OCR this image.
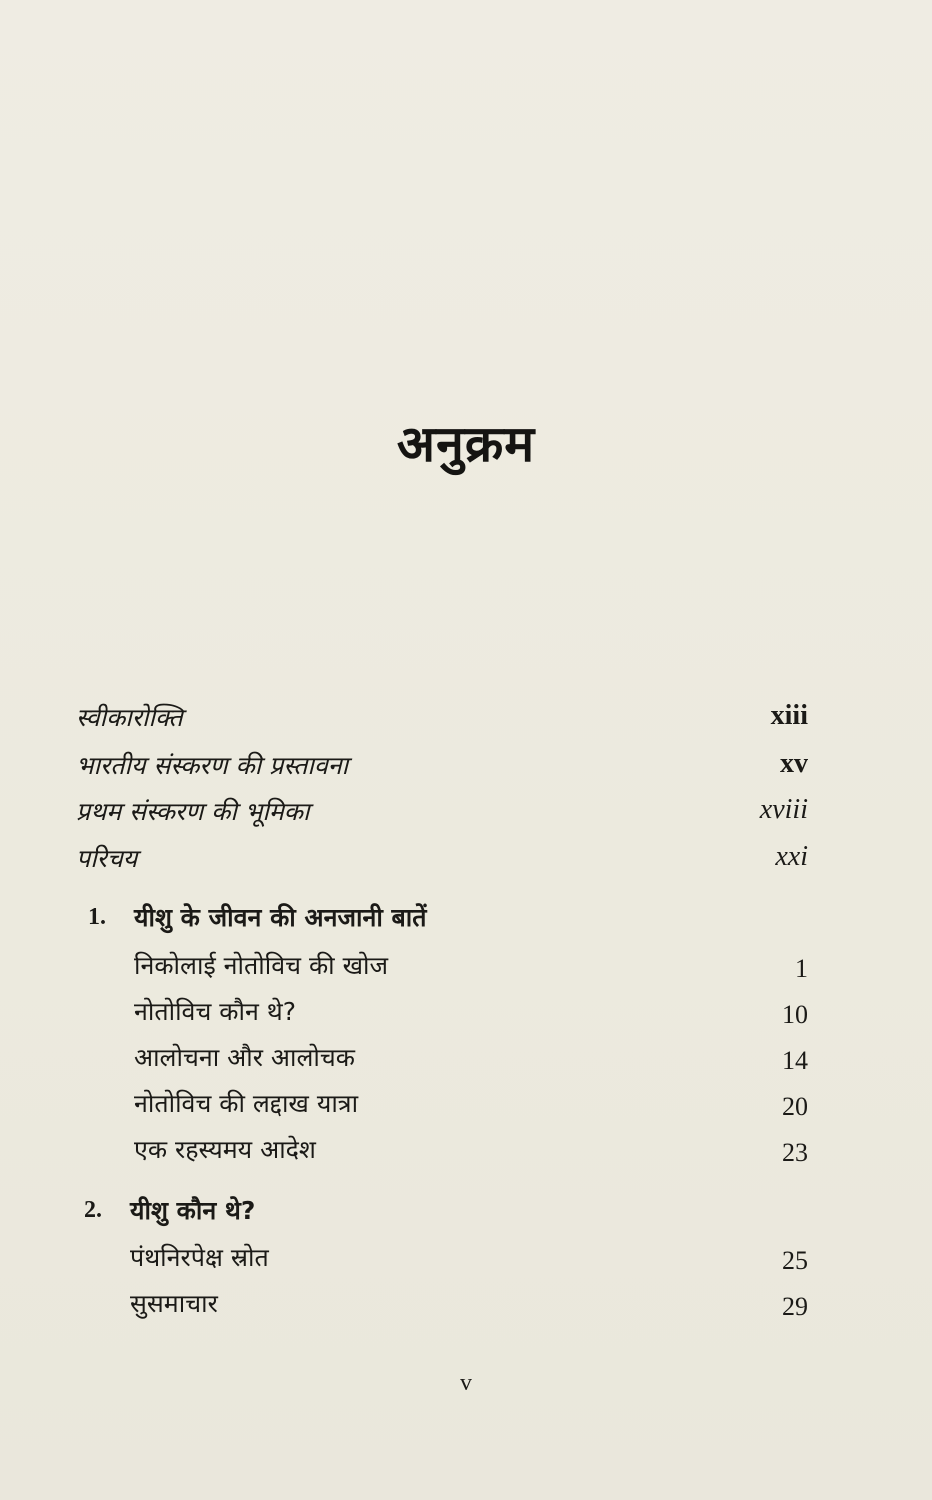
अनुक्रम
स्वीकारोक्ति	xiii
भारतीय संस्करण की प्रस्तावना	xv
प्रथम संस्करण की भूमिका	xviii
परिचय	xxi
1. यीशु के जीवन की अनजानी बातें
निकोलाई नोतोविच की खोज	1
नोतोविच कौन थे?	10
आलोचना और आलोचक	14
नोतोविच की लद्दाख यात्रा	20
एक रहस्यमय आदेश	23
2. यीशु कौन थे?
पंथनिरपेक्ष स्रोत	25
सुसमाचार	29
v
